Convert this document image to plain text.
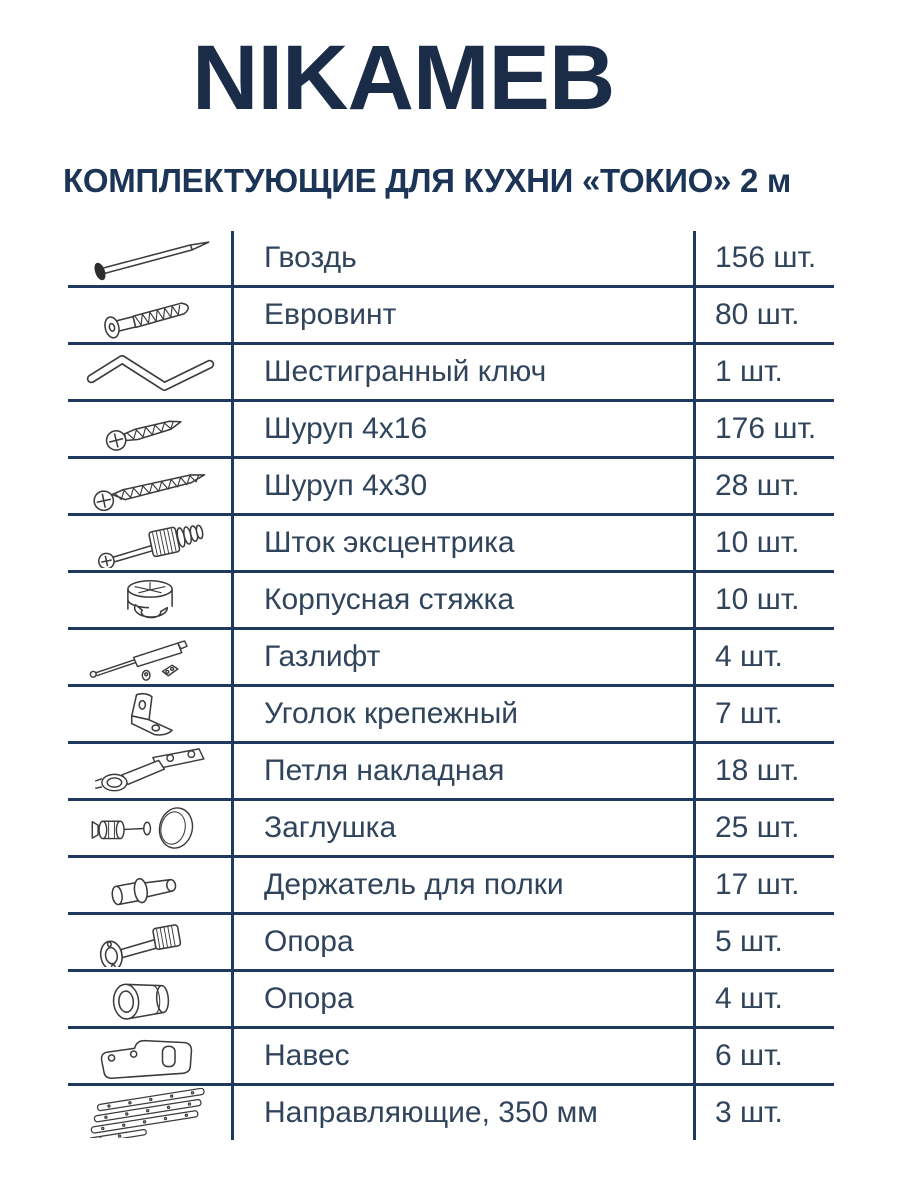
NIKAMEB
КОМПЛЕКТУЮЩИЕ ДЛЯ КУХНИ «ТОКИО» 2 м
Гвоздь	156 шт.
Евровинт	80 шт.
Шестигранный ключ	1 шт.
Шуруп 4х16	176 шт.
Шуруп 4х30	28 шт.
Шток эксцентрика	10 шт.
Корпусная стяжка	10 шт.
Газлифт	4 шт.
Уголок крепежный	7 шт.
Петля накладная	18 шт.
Заглушка	25 шт.
Держатель для полки	17 шт.
Опора	5 шт.
Опора	4 шт.
Навес	6 шт.
Направляющие, 350 мм	3 шт.
